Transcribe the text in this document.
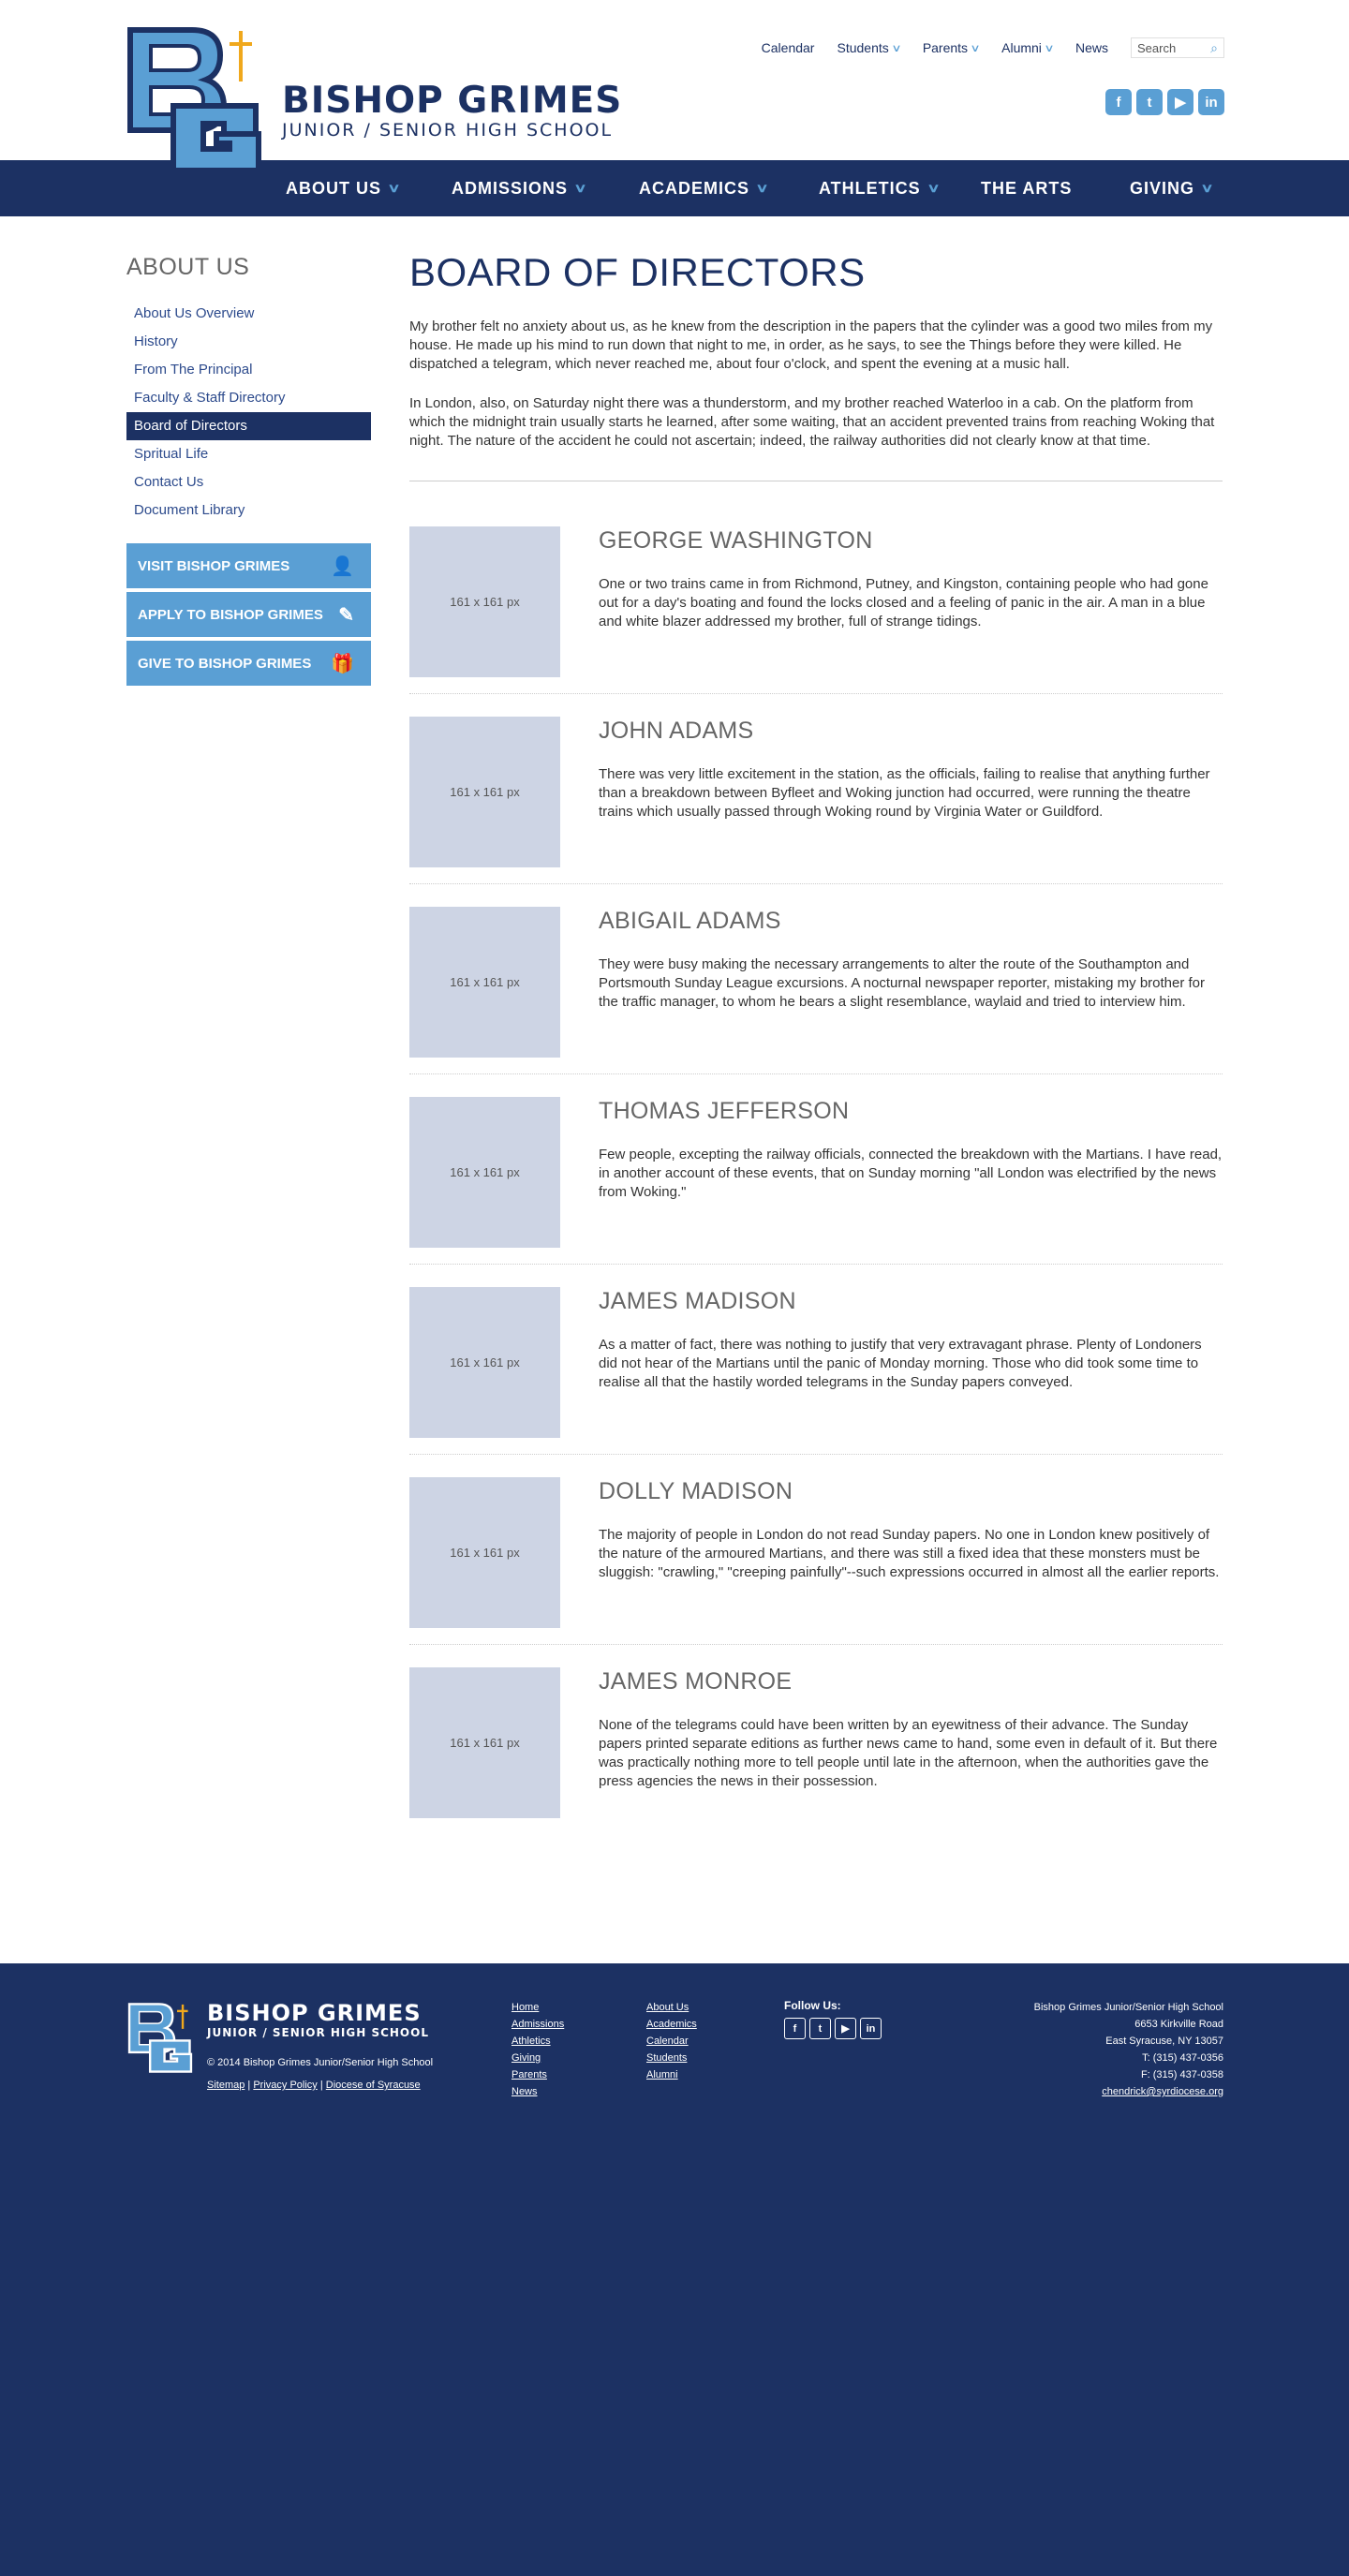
BISHOP GRIMES
JUNIOR / SENIOR HIGH SCHOOL
Calendar Students ∨ Parents ∨ Alumni ∨ News Search	⌕
f	t	▶	in
ABOUT US ∨	ADMISSIONS ∨	ACADEMICS ∨	ATHLETICS ∨ THE ARTS	GIVING ∨
ABOUT US
About Us Overview
History
From The Principal
Faculty & Staff Directory
Board of Directors
Spritual Life
Contact Us
Document Library
VISIT BISHOP GRIMES 👤
APPLY TO BISHOP GRIMES ✎
GIVE TO BISHOP GRIMES 🎁
BOARD OF DIRECTORS

My brother felt no anxiety about us, as he knew from the description in the papers that the cylinder was a good two miles from my house. He made up his mind to run down that night to me, in order, as he says, to see the Things before they were killed. He dispatched a telegram, which never reached me, about four o'clock, and spent the evening at a music hall.

In London, also, on Saturday night there was a thunderstorm, and my brother reached Waterloo in a cab. On the platform from which the midnight train usually starts he learned, after some waiting, that an accident prevented trains from reaching Woking that night. The nature of the accident he could not ascertain; indeed, the railway authorities did not clearly know at that time.

161 x 161 px
GEORGE WASHINGTON

One or two trains came in from Richmond, Putney, and Kingston, containing people who had gone out for a day's boating and found the locks closed and a feeling of panic in the air. A man in a blue and white blazer addressed my brother, full of strange tidings.

161 x 161 px
JOHN ADAMS

There was very little excitement in the station, as the officials, failing to realise that anything further than a breakdown between Byfleet and Woking junction had occurred, were running the theatre trains which usually passed through Woking round by Virginia Water or Guildford.

161 x 161 px
ABIGAIL ADAMS

They were busy making the necessary arrangements to alter the route of the Southampton and Portsmouth Sunday League excursions. A nocturnal newspaper reporter, mistaking my brother for the traffic manager, to whom he bears a slight resemblance, waylaid and tried to interview him.

161 x 161 px
THOMAS JEFFERSON

Few people, excepting the railway officials, connected the breakdown with the Martians. I have read, in another account of these events, that on Sunday morning "all London was electrified by the news from Woking."

161 x 161 px
JAMES MADISON

As a matter of fact, there was nothing to justify that very extravagant phrase. Plenty of Londoners did not hear of the Martians until the panic of Monday morning. Those who did took some time to realise all that the hastily worded telegrams in the Sunday papers conveyed.

161 x 161 px
DOLLY MADISON

The majority of people in London do not read Sunday papers. No one in London knew positively of the nature of the armoured Martians, and there was still a fixed idea that these monsters must be sluggish: "crawling," "creeping painfully"--such expressions occurred in almost all the earlier reports.

161 x 161 px
JAMES MONROE

None of the telegrams could have been written by an eyewitness of their advance. The Sunday papers printed separate editions as further news came to hand, some even in default of it. But there was practically nothing more to tell people until late in the afternoon, when the authorities gave the press agencies the news in their possession.

BISHOP GRIMES
JUNIOR / SENIOR HIGH SCHOOL
© 2014 Bishop Grimes Junior/Senior High School
Sitemap | Privacy Policy | Diocese of Syracuse
Home
Admissions
Athletics
Giving
Parents
News
About Us
Academics
Calendar
Students
Alumni
Follow Us:
f	t	▶	in
Bishop Grimes Junior/Senior High School
6653 Kirkville Road
East Syracuse, NY 13057
T: (315) 437-0356
F: (315) 437-0358
chendrick@syrdiocese.org
